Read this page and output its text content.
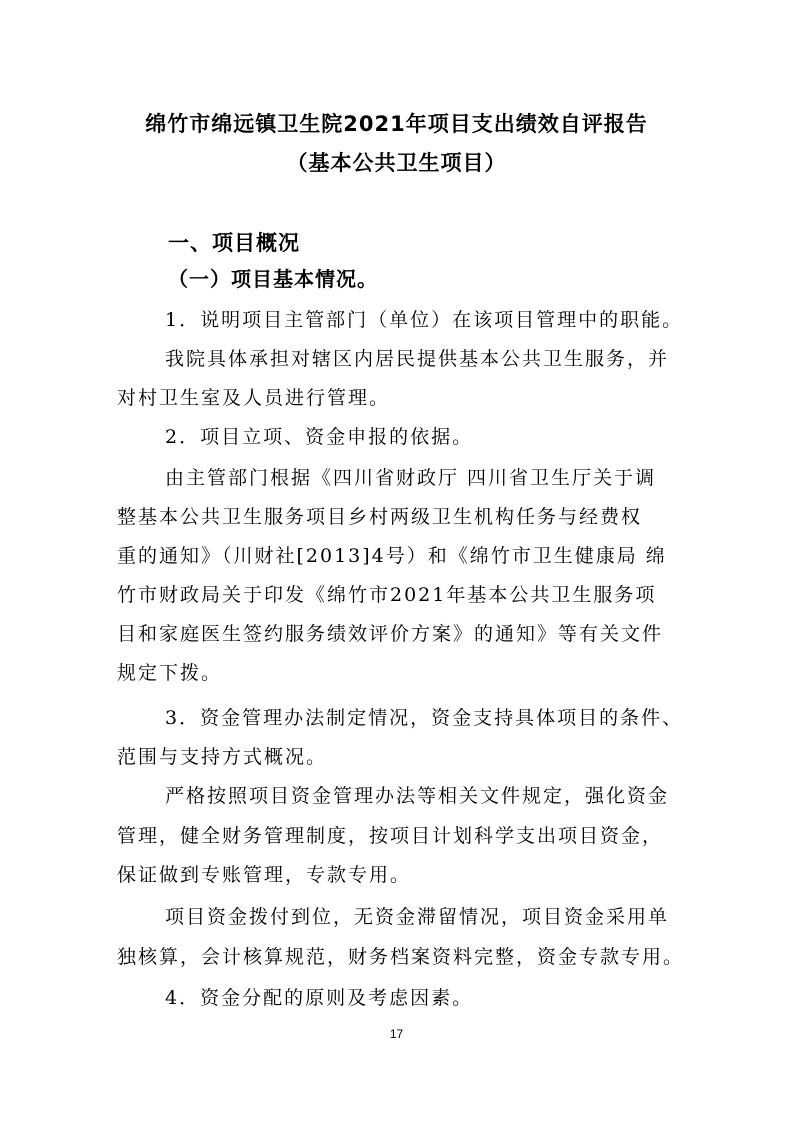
绵竹市绵远镇卫生院2021年项目支出绩效自评报告
（基本公共卫生项目）
一、项目概况
（一）项目基本情况。
1．说明项目主管部门（单位）在该项目管理中的职能。
我院具体承担对辖区内居民提供基本公共卫生服务，并
对村卫生室及人员进行管理。
2．项目立项、资金申报的依据。
由主管部门根据《四川省财政厅 四川省卫生厅关于调
整基本公共卫生服务项目乡村两级卫生机构任务与经费权
重的通知》（川财社[2013]4号）和《绵竹市卫生健康局 绵
竹市财政局关于印发《绵竹市2021年基本公共卫生服务项
目和家庭医生签约服务绩效评价方案》的通知》等有关文件
规定下拨。
3．资金管理办法制定情况，资金支持具体项目的条件、
范围与支持方式概况。
严格按照项目资金管理办法等相关文件规定，强化资金
管理，健全财务管理制度，按项目计划科学支出项目资金，
保证做到专账管理，专款专用。
项目资金拨付到位，无资金滞留情况，项目资金采用单
独核算，会计核算规范，财务档案资料完整，资金专款专用。
4．资金分配的原则及考虑因素。
17
